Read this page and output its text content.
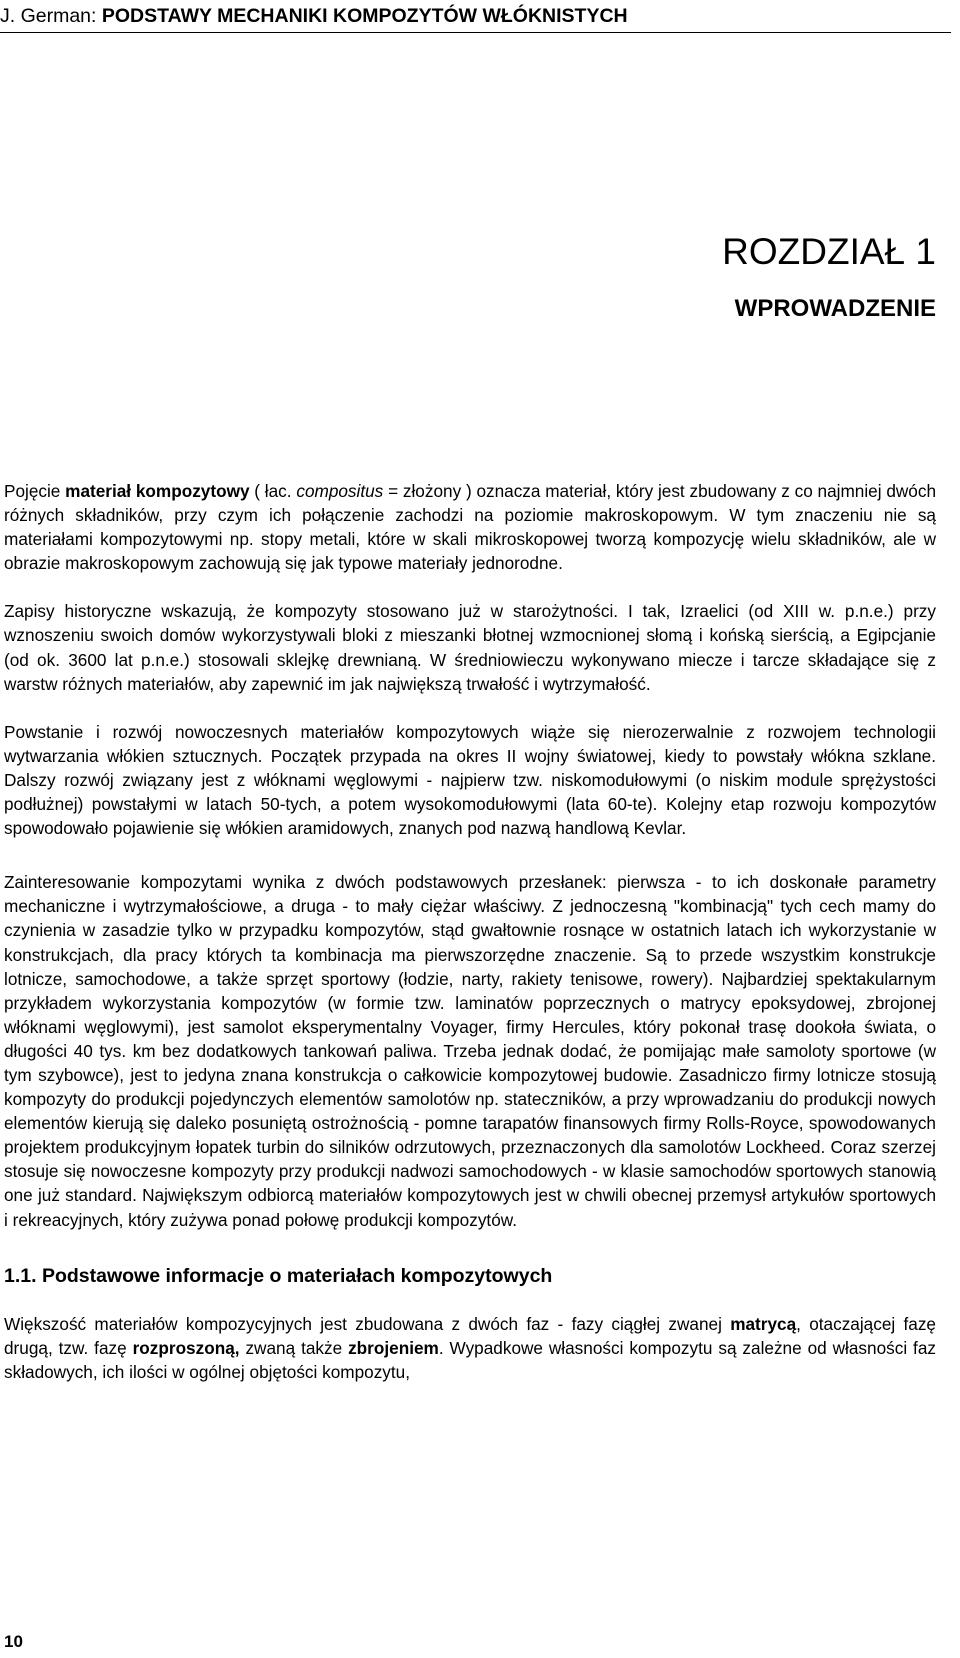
J. German: PODSTAWY MECHANIKI KOMPOZYTÓW WŁÓKNISTYCH
ROZDZIAŁ 1
WPROWADZENIE

Pojęcie materiał kompozytowy ( łac. compositus = złożony ) oznacza materiał, który jest zbudowany z co najmniej dwóch różnych składników, przy czym ich połączenie zachodzi na poziomie makroskopowym. W tym znaczeniu nie są materiałami kompozytowymi np. stopy metali, które w skali mikroskopowej tworzą kompozycję wielu składników, ale w obrazie makroskopowym zachowują się jak typowe materiały jednorodne.

Zapisy historyczne wskazują, że kompozyty stosowano już w starożytności. I tak, Izraelici (od XIII w. p.n.e.) przy wznoszeniu swoich domów wykorzystywali bloki z mieszanki błotnej wzmocnionej słomą i końską sierścią, a Egipcjanie (od ok. 3600 lat p.n.e.) stosowali sklejkę drewnianą. W średniowieczu wykonywano miecze i tarcze składające się z warstw różnych materiałów, aby zapewnić im jak największą trwałość i wytrzymałość.

Powstanie i rozwój nowoczesnych materiałów kompozytowych wiąże się nierozerwalnie z rozwojem technologii wytwarzania włókien sztucznych. Początek przypada na okres II wojny światowej, kiedy to powstały włókna szklane. Dalszy rozwój związany jest z włóknami węglowymi - najpierw tzw. niskomodułowymi (o niskim module sprężystości podłużnej) powstałymi w latach 50-tych, a potem wysokomodułowymi (lata 60-te). Kolejny etap rozwoju kompozytów spowodowało pojawienie się włókien aramidowych, znanych pod nazwą handlową Kevlar.

Zainteresowanie kompozytami wynika z dwóch podstawowych przesłanek: pierwsza - to ich doskonałe parametry mechaniczne i wytrzymałościowe, a druga - to mały ciężar właściwy. Z jednoczesną "kombinacją" tych cech mamy do czynienia w zasadzie tylko w przypadku kompozytów, stąd gwałtownie rosnące w ostatnich latach ich wykorzystanie w konstrukcjach, dla pracy których ta kombinacja ma pierwszorzędne znaczenie. Są to przede wszystkim konstrukcje lotnicze, samochodowe, a także sprzęt sportowy (łodzie, narty, rakiety tenisowe, rowery). Najbardziej spektakularnym przykładem wykorzystania kompozytów (w formie tzw. laminatów poprzecznych o matrycy epoksydowej, zbrojonej włóknami węglowymi), jest samolot eksperymentalny Voyager, firmy Hercules, który pokonał trasę dookoła świata, o długości 40 tys. km bez dodatkowych tankowań paliwa. Trzeba jednak dodać, że pomijając małe samoloty sportowe (w tym szybowce), jest to jedyna znana konstrukcja o całkowicie kompozytowej budowie. Zasadniczo firmy lotnicze stosują kompozyty do produkcji pojedynczych elementów samolotów np. stateczników, a przy wprowadzaniu do produkcji nowych elementów kierują się daleko posuniętą ostrożnością - pomne tarapatów finansowych firmy Rolls-Royce, spowodowanych projektem produkcyjnym łopatek turbin do silników odrzutowych, przeznaczonych dla samolotów Lockheed. Coraz szerzej stosuje się nowoczesne kompozyty przy produkcji nadwozi samochodowych - w klasie samochodów sportowych stanowią one już standard. Największym odbiorcą materiałów kompozytowych jest w chwili obecnej przemysł artykułów sportowych i rekreacyjnych, który zużywa ponad połowę produkcji kompozytów.

1.1. Podstawowe informacje o materiałach kompozytowych

Większość materiałów kompozycyjnych jest zbudowana z dwóch faz - fazy ciągłej zwanej matrycą, otaczającej fazę drugą, tzw. fazę rozproszoną, zwaną także zbrojeniem. Wypadkowe własności kompozytu są zależne od własności faz składowych, ich ilości w ogólnej objętości kompozytu,

10
